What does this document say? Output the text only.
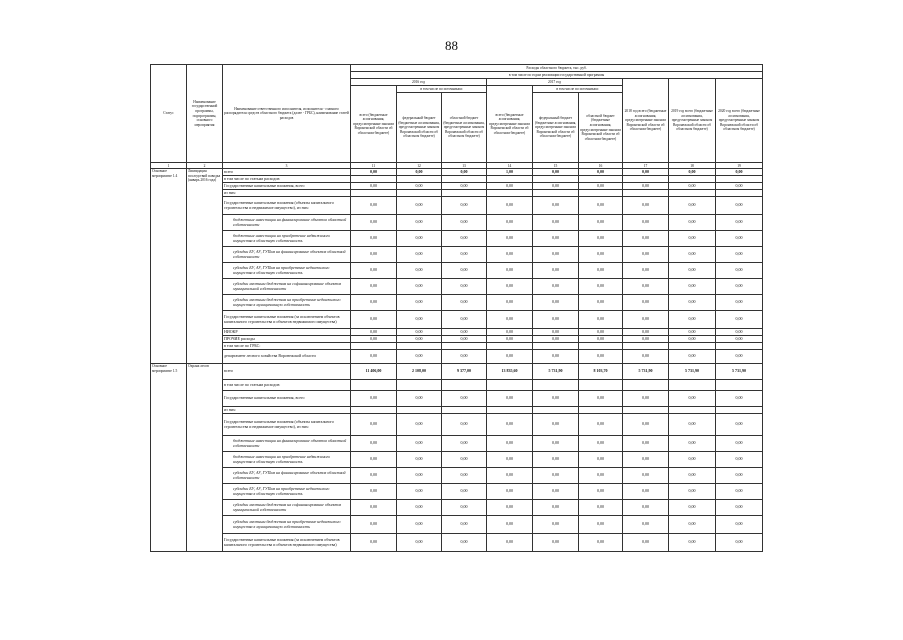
88
Статус	Наименование государственной программы, подпрограммы, основного мероприятия	Наименование ответственного исполнителя, исполнителя - главного распорядителя средств областного бюджета (далее - ГРБС), наименование статей расходов	Расходы областного бюджета, тыс. руб.								
			в том числе по годам реализации государственной программы								
			2016 год			2017 год			2018 год всего (бюджетные ассигнования, предусмотренные законом Воронежской области об областном бюджете)	2019 год всего (бюджетные ассигнования, предусмотренные законом Воронежской области об областном бюджете)	2020 год всего (бюджетные ассигнования, предусмотренные законом Воронежской области об областном бюджете)
			всего (бюджетные ассигнования, предусмотренные законом Воронежской области об областном бюджете)	в том числе по источникам:		всего (бюджетные ассигнования, предусмотренные законом Воронежской области об областном бюджете)	в том числе по источникам:				
				федеральный бюджет (бюджетные ассигнования, предусмотренные законом Воронежской области об областном бюджете)	областной бюджет (бюджетные ассигнования, предусмотренные законом Воронежской области об областном бюджете)		федеральный бюджет (бюджетные ассигнования, предусмотренные законом Воронежской области об областном бюджете)	областной бюджет (бюджетные ассигнования, предусмотренные законом Воронежской области об областном бюджете)			
1	2	3	11	12	13	14	15	16	17	18	19
Основное мероприятие 1.4	Ликвидация последствий паводка (январь 2016 года)	всего	0,00	0,00	0,00	1,00	0,00	0,00	0,00	0,00	0,00
		в том числе по статьям расходов:									
		Государственные капитальные вложения, всего	0,00	0,00	0,00	0,00	0,00	0,00	0,00	0,00	0,00
		из них:									
		Государственные капитальные вложения (объекты капитального строительства и недвижимое имущество), из них:	0,00	0,00	0,00	0,00	0,00	0,00	0,00	0,00	0,00
		бюджетные инвестиции на финансирование объектов областной собственности	0,00	0,00	0,00	0,00	0,00	0,00	0,00	0,00	0,00
		бюджетные инвестиции на приобретение недвижимого имущества в областную собственность	0,00	0,00	0,00	0,00	0,00	0,00	0,00	0,00	0,00
		субсидии БУ, АУ, ГУПам на финансирование объектов областной собственности	0,00	0,00	0,00	0,00	0,00	0,00	0,00	0,00	0,00
		субсидии БУ, АУ, ГУПам на приобретение недвижимого имущества в областную собственность	0,00	0,00	0,00	0,00	0,00	0,00	0,00	0,00	0,00
		субсидии местным бюджетам на софинансирование объектов муниципальной собственности	0,00	0,00	0,00	0,00	0,00	0,00	0,00	0,00	0,00
		субсидии местным бюджетам на приобретение недвижимого имущества в муниципальную собственность	0,00	0,00	0,00	0,00	0,00	0,00	0,00	0,00	0,00
		Государственные капитальные вложения (за исключением объектов капитального строительства и объектов недвижимого имущества)	0,00	0,00	0,00	0,00	0,00	0,00	0,00	0,00	0,00
		НИОКР	0,00	0,00	0,00	0,00	0,00	0,00	0,00	0,00	0,00
		ПРОЧИЕ расходы	0,00	0,00	0,00	0,00	0,00	0,00	0,00	0,00	0,00
		в том числе по ГРБС:									
		департамент лесного хозяйства Воронежской области	0,00	0,00	0,00	0,00	0,00	0,00	0,00	0,00	0,00
Основное мероприятие 1.5	Охрана лесов	всего	11 406,00	2 108,00	9 377,00	13 835,60	5 731,90	8 103,70	5 731,90	5 731,90	5 731,90
		в том числе по статьям расходов:									
		Государственные капитальные вложения, всего	0,00	0,00	0,00	0,00	0,00	0,00	0,00	0,00	0,00
		из них:									
		Государственные капитальные вложения (объекты капитального строительства и недвижимое имущество), из них:	0,00	0,00	0,00	0,00	0,00	0,00	0,00	0,00	0,00
		бюджетные инвестиции на финансирование объектов областной собственности	0,00	0,00	0,00	0,00	0,00	0,00	0,00	0,00	0,00
		бюджетные инвестиции на приобретение недвижимого имущества в областную собственность	0,00	0,00	0,00	0,00	0,00	0,00	0,00	0,00	0,00
		субсидии БУ, АУ, ГУПам на финансирование объектов областной собственности	0,00	0,00	0,00	0,00	0,00	0,00	0,00	0,00	0,00
		субсидии БУ, АУ, ГУПам на приобретение недвижимого имущества в областную собственность	0,00	0,00	0,00	0,00	0,00	0,00	0,00	0,00	0,00
		субсидии местным бюджетам на софинансирование объектов муниципальной собственности	0,00	0,00	0,00	0,00	0,00	0,00	0,00	0,00	0,00
		субсидии местным бюджетам на приобретение недвижимого имущества в муниципальную собственность	0,00	0,00	0,00	0,00	0,00	0,00	0,00	0,00	0,00
		Государственные капитальные вложения (за исключением объектов капитального строительства и объектов недвижимого имущества)	0,00	0,00	0,00	0,00	0,00	0,00	0,00	0,00	0,00
